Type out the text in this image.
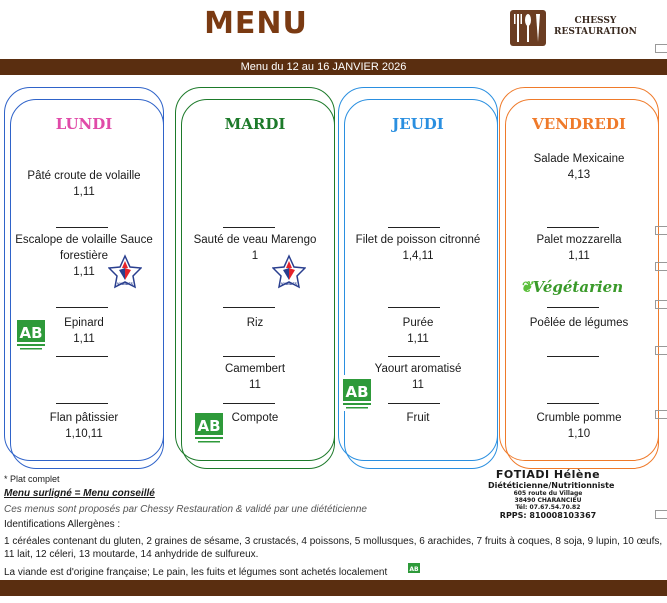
MENU	CHESSY
RESTAURATION
Menu du 12 au 16 JANVIER 2026
LUNDI
Pâté croute de volaille
1,11
Escalope de volaille Sauce forestière
1,11
Epinard
1,11
Flan pâtissier
1,10,11
MARDI
Sauté de veau Marengo
1
Riz
Camembert
11
Compote
JEUDI
Filet de poisson citronné
1,4,11
Purée
1,11
Yaourt aromatisé
11
Fruit
VENDREDI
Salade Mexicaine
4,13
Palet mozzarella
1,11
Poêlée de légumes
Crumble pomme
1,10
AB
AB
AB
VIANDES	VIANDES	❦Végétarien
* Plat complet
Menu surligné = Menu conseillé
Ces menus sont proposés par Chessy Restauration & validé par une diététicienne
Identifications Allergènes :
1 céréales contenant du gluten, 2 graines de sésame, 3 crustacés, 4 poissons, 5 mollusques, 6 arachides, 7 fruits à coques, 8 soja, 9 lupin, 10 œufs, 11 lait, 12 céleri, 13 moutarde, 14 anhydride de sulfureux.
La viande est d'origine française; Le pain, les fuits et légumes sont achetés localement	AB
FOTIADI Hélène
Diététicienne/Nutritionniste
605 route du Village
38490 CHARANCIEU
Tél: 07.67.54.70.82
RPPS: 810008103367
